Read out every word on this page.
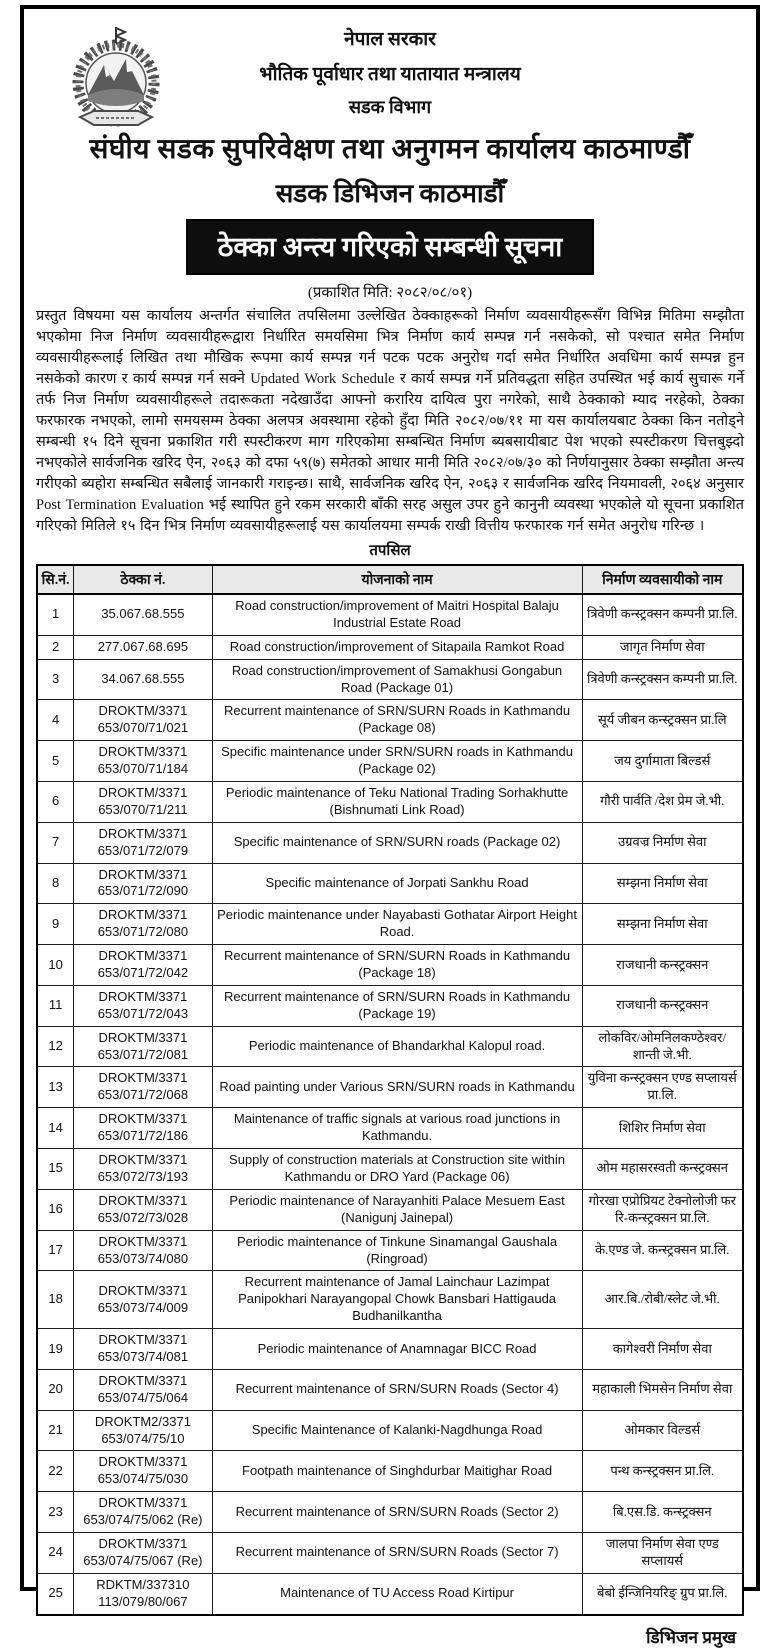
नेपाल सरकार
भौतिक पूर्वाधार तथा यातायात मन्त्रालय
सडक विभाग
संघीय सडक सुपरिवेक्षण तथा अनुगमन कार्यालय काठमाण्डौँ
सडक डिभिजन काठमाडौँ
ठेक्का अन्त्य गरिएको सम्बन्धी सूचना
(प्रकाशित मिति: २०८२/०८/०१)
प्रस्तुत विषयमा यस कार्यालय अन्तर्गत संचालित तपसिलमा उल्लेखित ठेक्काहरूको निर्माण व्यवसायीहरूसँग विभिन्न मितिमा सम्झौता भएकोमा निज निर्माण व्यवसायीहरूद्वारा निर्धारित समयसिमा भित्र निर्माण कार्य सम्पन्न गर्न नसकेको, सो पश्चात समेत निर्माण व्यवसायीहरूलाई लिखित तथा मौखिक रूपमा कार्य सम्पन्न गर्न पटक पटक अनुरोध गर्दा समेत निर्धारित अवधिमा कार्य सम्पन्न हुन नसकेको कारण र कार्य सम्पन्न गर्न सक्ने Updated Work Schedule र कार्य सम्पन्न गर्ने प्रतिवद्धता सहित उपस्थित भई कार्य सुचारू गर्ने तर्फ निज निर्माण व्यवसायीहरूले तदारूकता नदेखाउँदा आफ्नो करारिय दायित्व पुरा नगरेको, साथै ठेक्काको म्याद नरहेको, ठेक्का फरफारक नभएको, लामो समयसम्म ठेक्का अलपत्र अवस्थामा रहेको हुँदा मिति २०८२/०७/११ मा यस कार्यालयबाट ठेक्का किन नतोड्ने सम्बन्धी १५ दिने सूचना प्रकाशित गरी स्पस्टीकरण माग गरिएकोमा सम्बन्धित निर्माण ब्यबसायीबाट पेश भएको स्पस्टीकरण चित्तबुझ्दो नभएकोले सार्वजनिक खरिद ऐन, २०६३ को दफा ५९(७) समेतको आधार मानी मिति २०८२/०७/३० को निर्णयानुसार ठेक्का सम्झौता अन्त्य गरीएको ब्यहोरा सम्बन्धित सबैलाई जानकारी गराइन्छ। साथै, सार्वजनिक खरिद ऐन, २०६३ र सार्वजनिक खरिद नियमावली, २०६४ अनुसार Post Termination Evaluation भई स्थापित हुने रकम सरकारी बाँकी सरह असुल उपर हुने कानुनी व्यवस्था भएकोले यो सूचना प्रकाशित गरिएको मितिले १५ दिन भित्र निर्माण व्यवसायीहरूलाई यस कार्यालयमा सम्पर्क राखी वित्तीय फरफारक गर्न समेत अनुरोध गरिन्छ ।
तपसिल
सि.नं.	ठेक्का नं.	योजनाको नाम	निर्माण व्यवसायीको नाम
1	35.067.68.555	Road construction/improvement of Maitri Hospital Balaju Industrial Estate Road	त्रिवेणी कन्स्ट्रक्सन कम्पनी प्रा.लि.
2	277.067.68.695	Road construction/improvement of Sitapaila Ramkot Road	जागृत निर्माण सेवा
3	34.067.68.555	Road construction/improvement of Samakhusi Gongabun Road (Package 01)	त्रिवेणी कन्स्ट्रक्सन कम्पनी प्रा.लि.
4	DROKTM/3371
653/070/71/021	Recurrent maintenance of SRN/SURN Roads in Kathmandu (Package 08)	सूर्य जीबन कन्स्ट्रक्सन प्रा.लि
5	DROKTM/3371
653/070/71/184	Specific maintenance under SRN/SURN roads in Kathmandu (Package 02)	जय दुर्गामाता बिल्डर्स
6	DROKTM/3371
653/070/71/211	Periodic maintenance of Teku National Trading Sorhakhutte (Bishnumati Link Road)	गौरी पार्वति /देश प्रेम जे.भी.
7	DROKTM/3371
653/071/72/079	Specific maintenance of SRN/SURN roads (Package 02)	उग्रवज्र निर्माण सेवा
8	DROKTM/3371
653/071/72/090	Specific maintenance of Jorpati Sankhu Road	सम्झना निर्माण सेवा
9	DROKTM/3371
653/071/72/080	Periodic maintenance under Nayabasti Gothatar Airport Height Road.	सम्झना निर्माण सेवा
10	DROKTM/3371
653/071/72/042	Recurrent maintenance of SRN/SURN Roads in Kathmandu (Package 18)	राजधानी कन्स्ट्रक्सन
11	DROKTM/3371
653/071/72/043	Recurrent maintenance of SRN/SURN Roads in Kathmandu (Package 19)	राजधानी कन्स्ट्रक्सन
12	DROKTM/3371
653/071/72/081	Periodic maintenance of Bhandarkhal Kalopul road.	लोकविर/ओमनिलकण्ठेश्वर/शान्ती जे.भी.
13	DROKTM/3371
653/071/72/068	Road painting under Various SRN/SURN roads in Kathmandu	युविना कन्स्ट्रक्सन एण्ड सप्लायर्स प्रा.लि.
14	DROKTM/3371
653/071/72/186	Maintenance of traffic signals at various road junctions in Kathmandu.	शिशिर निर्माण सेवा
15	DROKTM/3371
653/072/73/193	Supply of construction materials at Construction site within Kathmandu or DRO Yard (Package 06)	ओम महासरस्वती कन्स्ट्रक्सन
16	DROKTM/3371
653/072/73/028	Periodic maintenance of Narayanhiti Palace Mesuem East (Nanigunj Jainepal)	गोरखा एप्रोप्रियट टेक्नोलोजी फर रि-कन्स्ट्रक्सन प्रा.लि.
17	DROKTM/3371
653/073/74/080	Periodic maintenance of Tinkune Sinamangal Gaushala (Ringroad)	के.एण्ड जे. कन्स्ट्रक्सन प्रा.लि.
18	DROKTM/3371
653/073/74/009	Recurrent maintenance of Jamal Lainchaur Lazimpat Panipokhari Narayangopal Chowk Bansbari Hattigauda Budhanilkantha	आर.बि./रोबी/स्लेट जे.भी.
19	DROKTM/3371
653/073/74/081	Periodic maintenance of Anamnagar BICC Road	कागेश्वरी निर्माण सेवा
20	DROKTM/3371
653/074/75/064	Recurrent maintenance of SRN/SURN Roads (Sector 4)	महाकाली भिमसेन निर्माण सेवा
21	DROKTM2/3371
653/074/75/10	Specific Maintenance of Kalanki-Nagdhunga Road	ओमकार विल्डर्स
22	DROKTM/3371
653/074/75/030	Footpath maintenance of Singhdurbar Maitighar Road	पन्थ कन्स्ट्रक्सन प्रा.लि.
23	DROKTM/3371
653/074/75/062 (Re)	Recurrent maintenance of SRN/SURN Roads (Sector 2)	बि.एस.डि. कन्स्ट्रक्सन
24	DROKTM/3371
653/074/75/067 (Re)	Recurrent maintenance of SRN/SURN Roads (Sector 7)	जालपा निर्माण सेवा एण्ड सप्लायर्स
25	RDKTM/337310
113/079/80/067	Maintenance of TU Access Road Kirtipur	बेबो ईन्जिनियरिङ् ग्रुप प्रा.लि.
डिभिजन प्रमुख
